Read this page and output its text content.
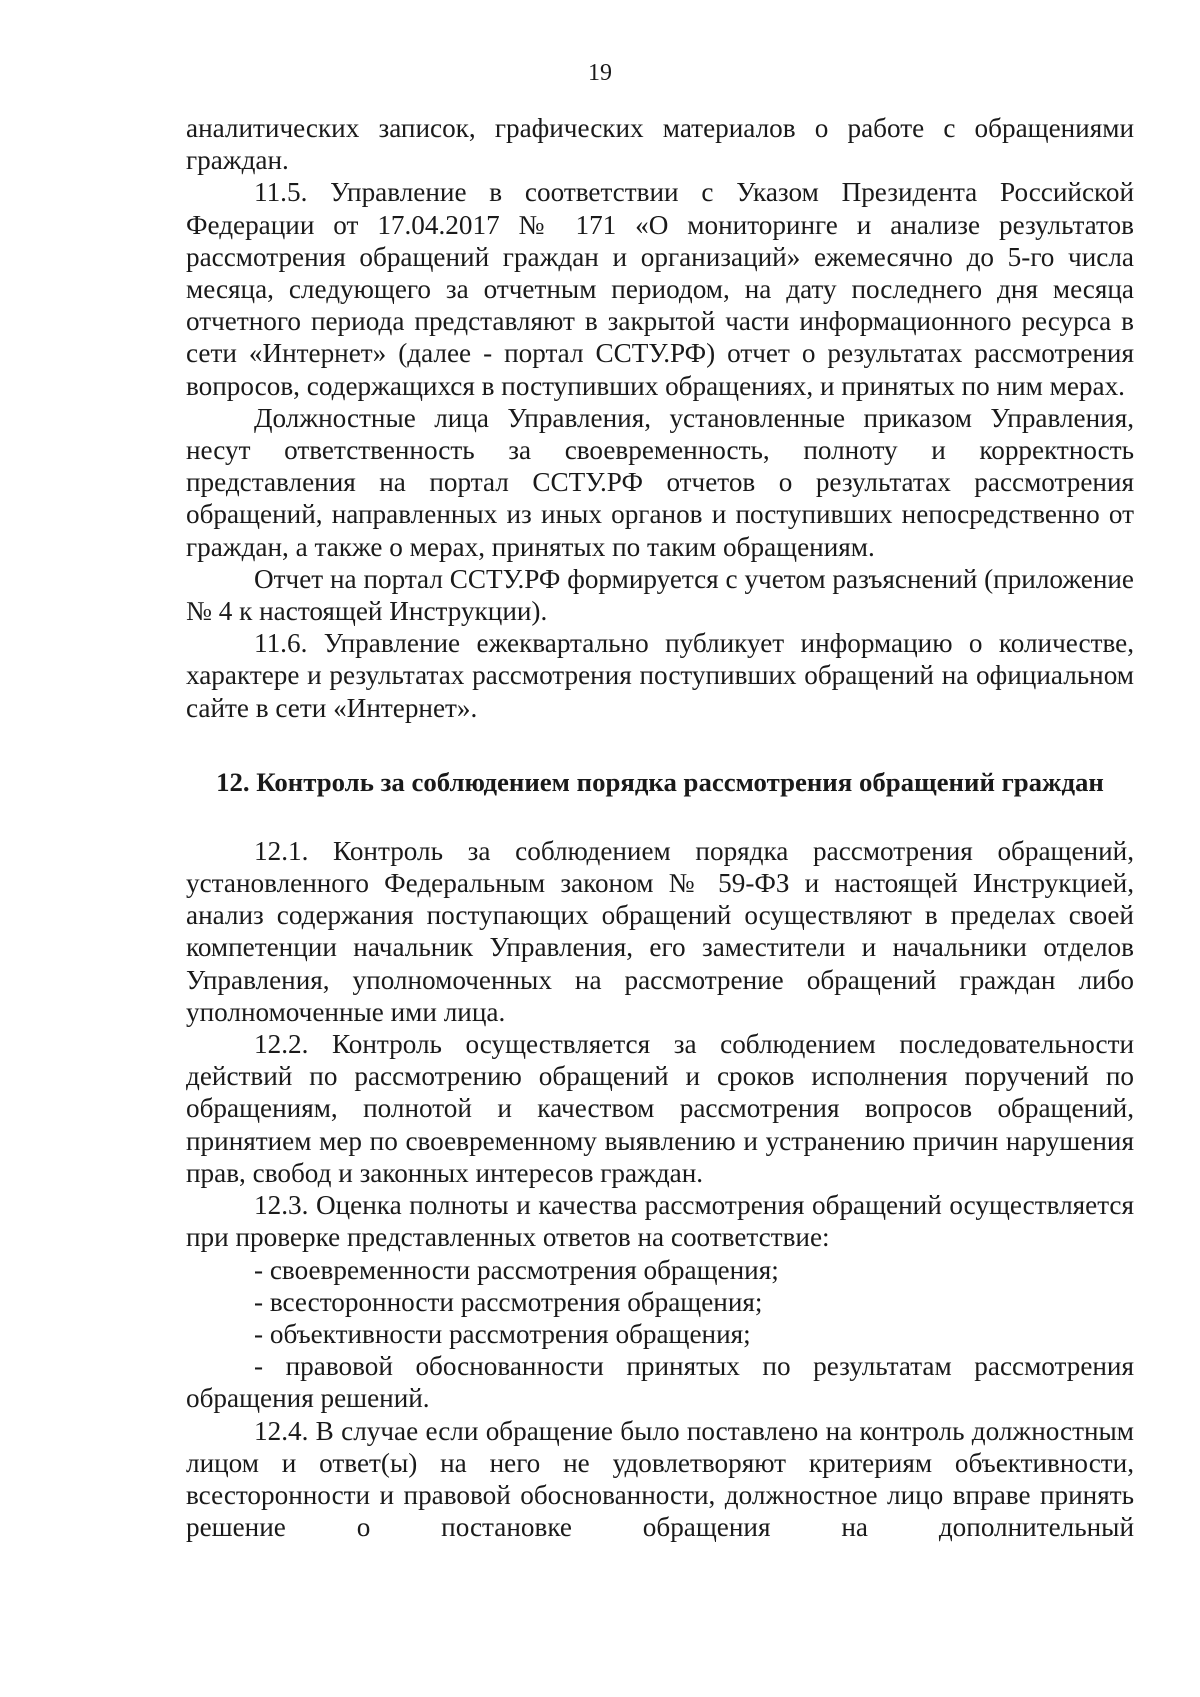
19

аналитических записок, графических материалов о работе с обращениями граждан.

11.5. Управление в соответствии с Указом Президента Российской Федерации от 17.04.2017 № 171 «О мониторинге и анализе результатов рассмотрения обращений граждан и организаций» ежемесячно до 5-го числа месяца, следующего за отчетным периодом, на дату последнего дня месяца отчетного периода представляют в закрытой части информационного ресурса в сети «Интернет» (далее - портал ССТУ.РФ) отчет о результатах рассмотрения вопросов, содержащихся в поступивших обращениях, и принятых по ним мерах.

Должностные лица Управления, установленные приказом Управления, несут ответственность за своевременность, полноту и корректность представления на портал ССТУ.РФ отчетов о результатах рассмотрения обращений, направленных из иных органов и поступивших непосредственно от граждан, а также о мерах, принятых по таким обращениям.

Отчет на портал ССТУ.РФ формируется с учетом разъяснений (приложение № 4 к настоящей Инструкции).

11.6. Управление ежеквартально публикует информацию о количестве, характере и результатах рассмотрения поступивших обращений на официальном сайте в сети «Интернет».

12. Контроль за соблюдением порядка рассмотрения обращений граждан

12.1. Контроль за соблюдением порядка рассмотрения обращений, установленного Федеральным законом № 59-ФЗ и настоящей Инструкцией, анализ содержания поступающих обращений осуществляют в пределах своей компетенции начальник Управления, его заместители и начальники отделов Управления, уполномоченных на рассмотрение обращений граждан либо уполномоченные ими лица.

12.2. Контроль осуществляется за соблюдением последовательности действий по рассмотрению обращений и сроков исполнения поручений по обращениям, полнотой и качеством рассмотрения вопросов обращений, принятием мер по своевременному выявлению и устранению причин нарушения прав, свобод и законных интересов граждан.

12.3. Оценка полноты и качества рассмотрения обращений осуществляется при проверке представленных ответов на соответствие:

- своевременности рассмотрения обращения;

- всесторонности рассмотрения обращения;

- объективности рассмотрения обращения;

- правовой обоснованности принятых по результатам рассмотрения обращения решений.

12.4. В случае если обращение было поставлено на контроль должностным лицом и ответ(ы) на него не удовлетворяют критериям объективности, всесторонности и правовой обоснованности, должностное лицо вправе принять решение о постановке обращения на дополнительный
